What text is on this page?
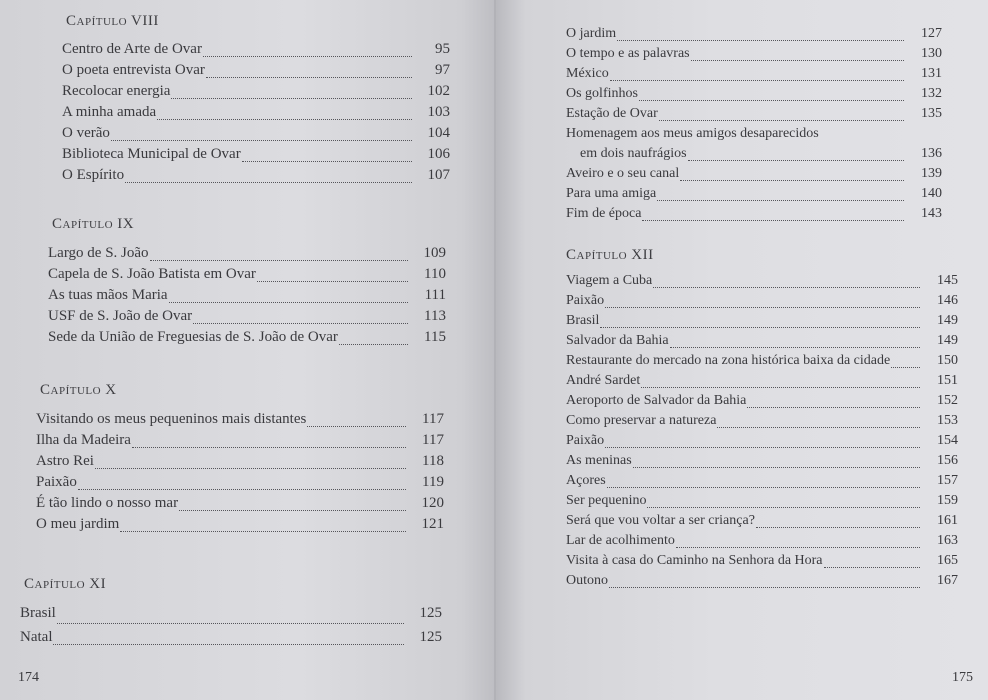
Capítulo VIII
Centro de Arte de Ovar	95
O poeta entrevista Ovar	97
Recolocar energia	102
A minha amada	103
O verão	104
Biblioteca Municipal de Ovar	106
O Espírito	107
Capítulo IX
Largo de S. João	109
Capela de S. João Batista em Ovar	110
As tuas mãos Maria	111
USF de S. João de Ovar	113
Sede da União de Freguesias de S. João de Ovar	115
Capítulo X
Visitando os meus pequeninos mais distantes	117
Ilha da Madeira	117
Astro Rei	118
Paixão	119
É tão lindo o nosso mar	120
O meu jardim	121
Capítulo XI
Brasil	125
Natal	125
174
O jardim	127
O tempo e as palavras	130
México	131
Os golfinhos	132
Estação de Ovar	135
Homenagem aos meus amigos desaparecidos
em dois naufrágios	136
Aveiro e o seu canal	139
Para uma amiga	140
Fim de época	143
Capítulo XII
Viagem a Cuba	145
Paixão	146
Brasil	149
Salvador da Bahia	149
Restaurante do mercado na zona histórica baixa da cidade	150
André Sardet	151
Aeroporto de Salvador da Bahia	152
Como preservar a natureza	153
Paixão	154
As meninas	156
Açores	157
Ser pequenino	159
Será que vou voltar a ser criança?	161
Lar de acolhimento	163
Visita à casa do Caminho na Senhora da Hora	165
Outono	167
175
